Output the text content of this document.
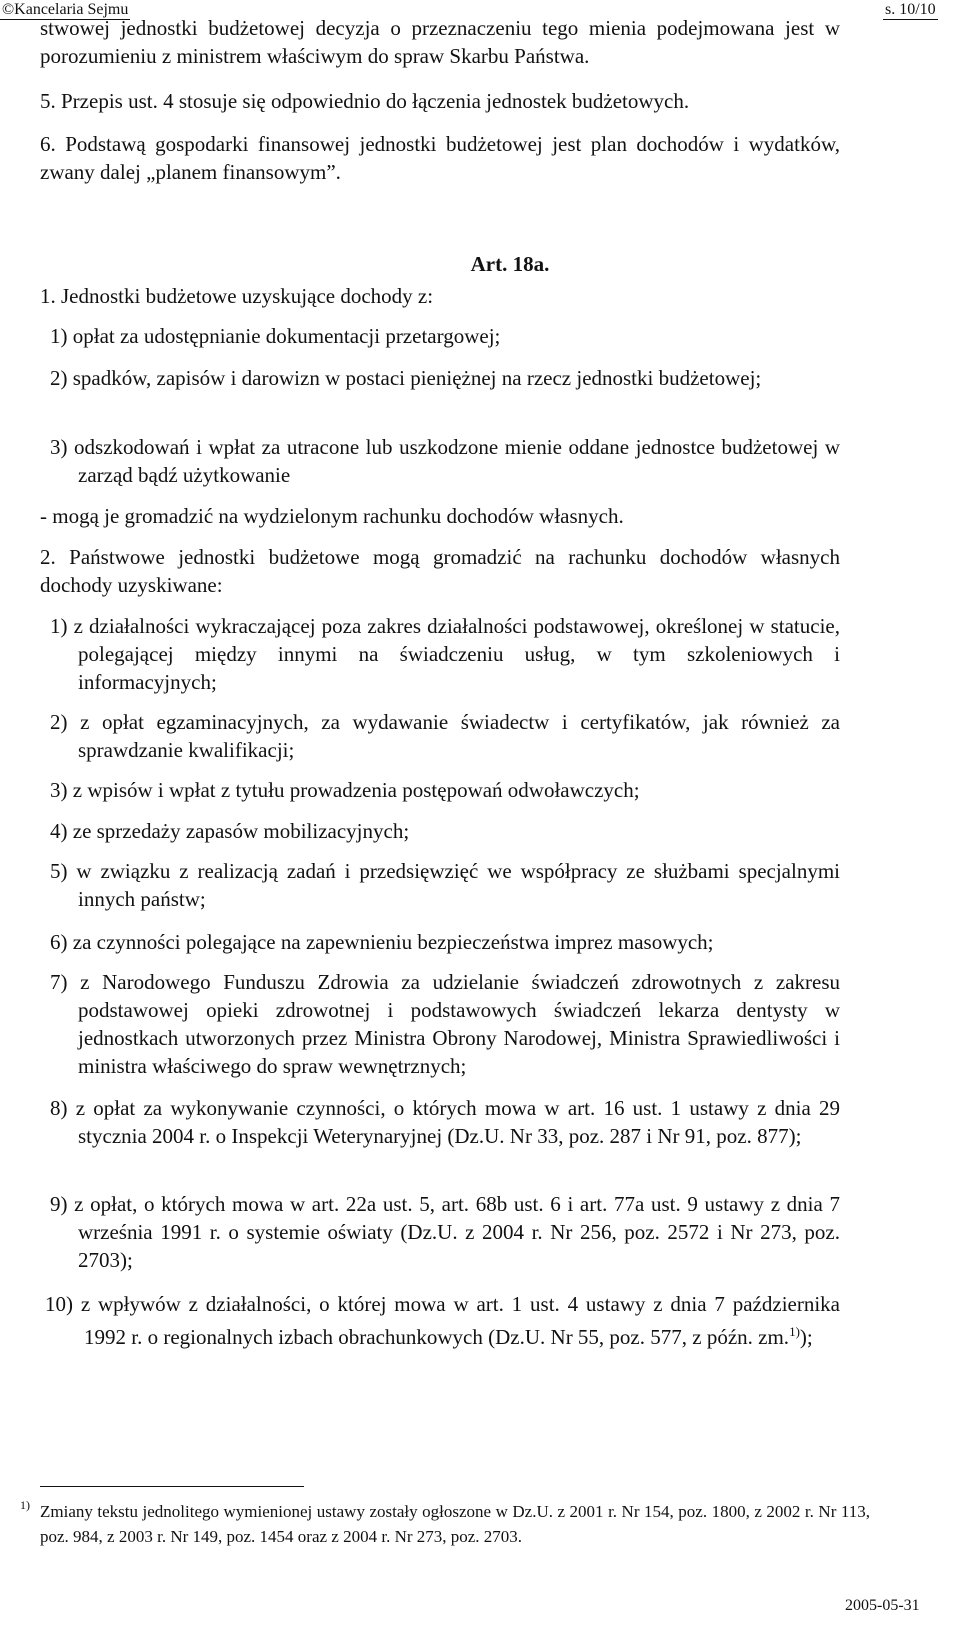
©Kancelaria Sejmu	s. 10/10
stwowej jednostki budżetowej decyzja o przeznaczeniu tego mienia podejmowana jest w porozumieniu z ministrem właściwym do spraw Skarbu Państwa.
5. Przepis ust. 4 stosuje się odpowiednio do łączenia jednostek budżetowych.
6. Podstawą gospodarki finansowej jednostki budżetowej jest plan dochodów i wydatków, zwany dalej „planem finansowym”.
Art. 18a.
1. Jednostki budżetowe uzyskujące dochody z:
1) opłat za udostępnianie dokumentacji przetargowej;
2) spadków, zapisów i darowizn w postaci pieniężnej na rzecz jednostki budżetowej;
3) odszkodowań i wpłat za utracone lub uszkodzone mienie oddane jednostce budżetowej w zarząd bądź użytkowanie
- mogą je gromadzić na wydzielonym rachunku dochodów własnych.
2. Państwowe jednostki budżetowe mogą gromadzić na rachunku dochodów własnych dochody uzyskiwane:
1) z działalności wykraczającej poza zakres działalności podstawowej, określonej w statucie, polegającej między innymi na świadczeniu usług, w tym szkoleniowych i informacyjnych;
2) z opłat egzaminacyjnych, za wydawanie świadectw i certyfikatów, jak również za sprawdzanie kwalifikacji;
3) z wpisów i wpłat z tytułu prowadzenia postępowań odwoławczych;
4) ze sprzedaży zapasów mobilizacyjnych;
5) w związku z realizacją zadań i przedsięwzięć we współpracy ze służbami specjalnymi innych państw;
6) za czynności polegające na zapewnieniu bezpieczeństwa imprez masowych;
7) z Narodowego Funduszu Zdrowia za udzielanie świadczeń zdrowotnych z zakresu podstawowej opieki zdrowotnej i podstawowych świadczeń lekarza dentysty w jednostkach utworzonych przez Ministra Obrony Narodowej, Ministra Sprawiedliwości i ministra właściwego do spraw wewnętrznych;
8) z opłat za wykonywanie czynności, o których mowa w art. 16 ust. 1 ustawy z dnia 29 stycznia 2004 r. o Inspekcji Weterynaryjnej (Dz.U. Nr 33, poz. 287 i Nr 91, poz. 877);
9) z opłat, o których mowa w art. 22a ust. 5, art. 68b ust. 6 i art. 77a ust. 9 ustawy z dnia 7 września 1991 r. o systemie oświaty (Dz.U. z 2004 r. Nr 256, poz. 2572 i Nr 273, poz. 2703);
10) z wpływów z działalności, o której mowa w art. 1 ust. 4 ustawy z dnia 7 października 1992 r. o regionalnych izbach obrachunkowych (Dz.U. Nr 55, poz. 577, z późn. zm.$^{1)}$);
1) Zmiany tekstu jednolitego wymienionej ustawy zostały ogłoszone w Dz.U. z 2001 r. Nr 154, poz. 1800, z 2002 r. Nr 113, poz. 984, z 2003 r. Nr 149, poz. 1454 oraz z 2004 r. Nr 273, poz. 2703.
2005-05-31
